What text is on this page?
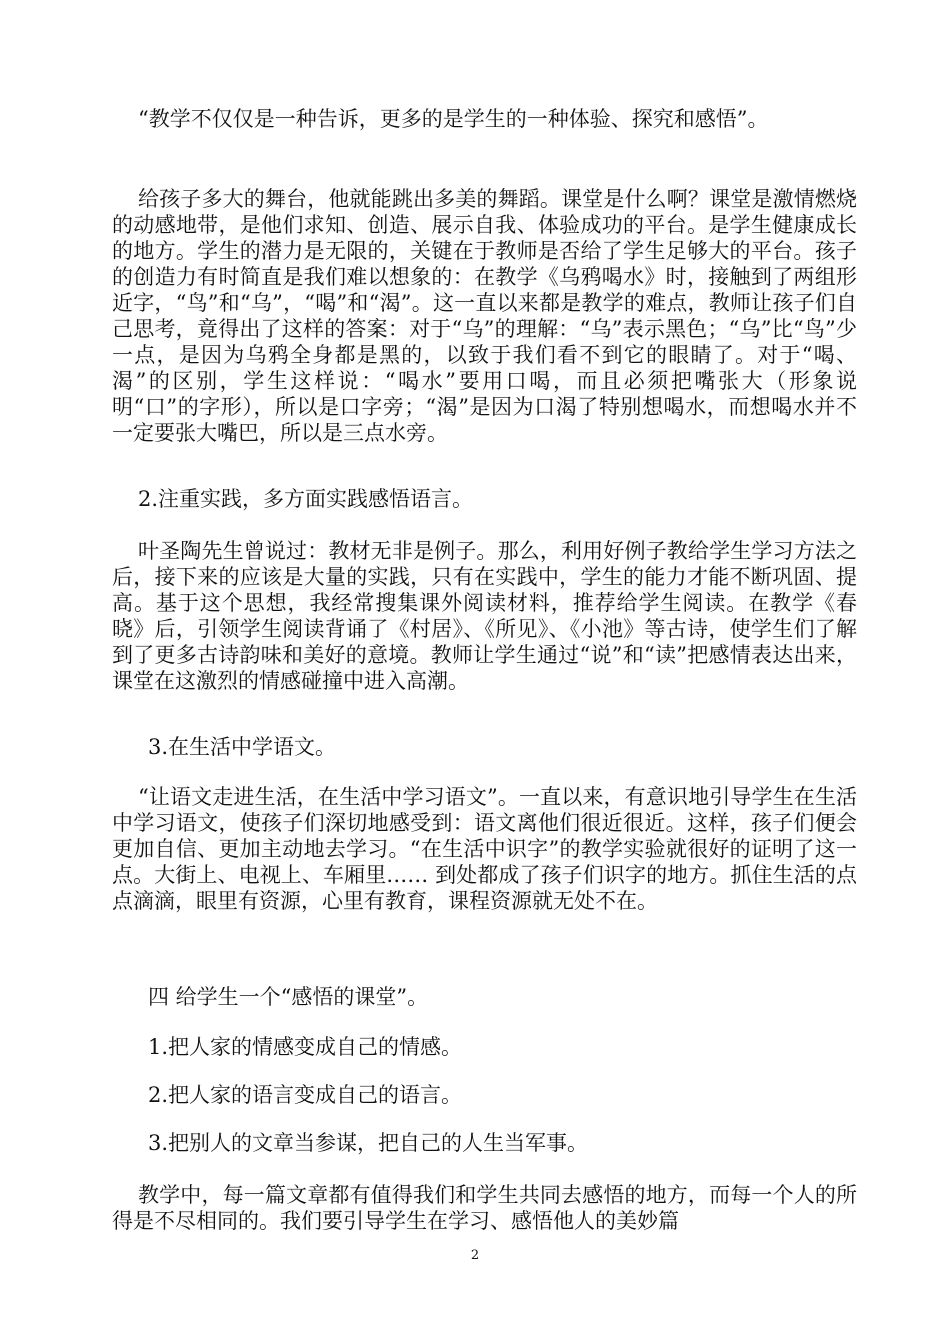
“教学不仅仅是一种告诉，更多的是学生的一种体验、探究和感悟”。

给孩子多大的舞台，他就能跳出多美的舞蹈。课堂是什么啊？课堂是激情燃烧的动感地带，是他们求知、创造、展示自我、体验成功的平台。是学生健康成长的地方。学生的潜力是无限的，关键在于教师是否给了学生足够大的平台。孩子的创造力有时简直是我们难以想象的：在教学《乌鸦喝水》时，接触到了两组形近字，“鸟”和“乌”，“喝”和“渴”。这一直以来都是教学的难点，教师让孩子们自己思考，竟得出了这样的答案：对于“乌”的理解：“乌”表示黑色；“乌”比“鸟”少一点，是因为乌鸦全身都是黑的，以致于我们看不到它的眼睛了。对于“喝、渴”的区别，学生这样说：“喝水”要用口喝，而且必须把嘴张大（形象说明“口”的字形），所以是口字旁；“渴”是因为口渴了特别想喝水，而想喝水并不一定要张大嘴巴，所以是三点水旁。

2.注重实践，多方面实践感悟语言。

叶圣陶先生曾说过：教材无非是例子。那么，利用好例子教给学生学习方法之后，接下来的应该是大量的实践，只有在实践中，学生的能力才能不断巩固、提高。基于这个思想，我经常搜集课外阅读材料，推荐给学生阅读。在教学《春晓》后，引领学生阅读背诵了《村居》、《所见》、《小池》等古诗，使学生们了解到了更多古诗韵味和美好的意境。教师让学生通过“说”和“读”把感情表达出来，课堂在这激烈的情感碰撞中进入高潮。

3.在生活中学语文。

“让语文走进生活，在生活中学习语文”。一直以来，有意识地引导学生在生活中学习语文，使孩子们深切地感受到：语文离他们很近很近。这样，孩子们便会更加自信、更加主动地去学习。“在生活中识字”的教学实验就很好的证明了这一点。大街上、电视上、车厢里…… 到处都成了孩子们识字的地方。抓住生活的点点滴滴，眼里有资源，心里有教育，课程资源就无处不在。

四 给学生一个“感悟的课堂”。

1.把人家的情感变成自己的情感。

2.把人家的语言变成自己的语言。

3.把别人的文章当参谋，把自己的人生当军事。

教学中，每一篇文章都有值得我们和学生共同去感悟的地方，而每一个人的所得是不尽相同的。我们要引导学生在学习、感悟他人的美妙篇

2
